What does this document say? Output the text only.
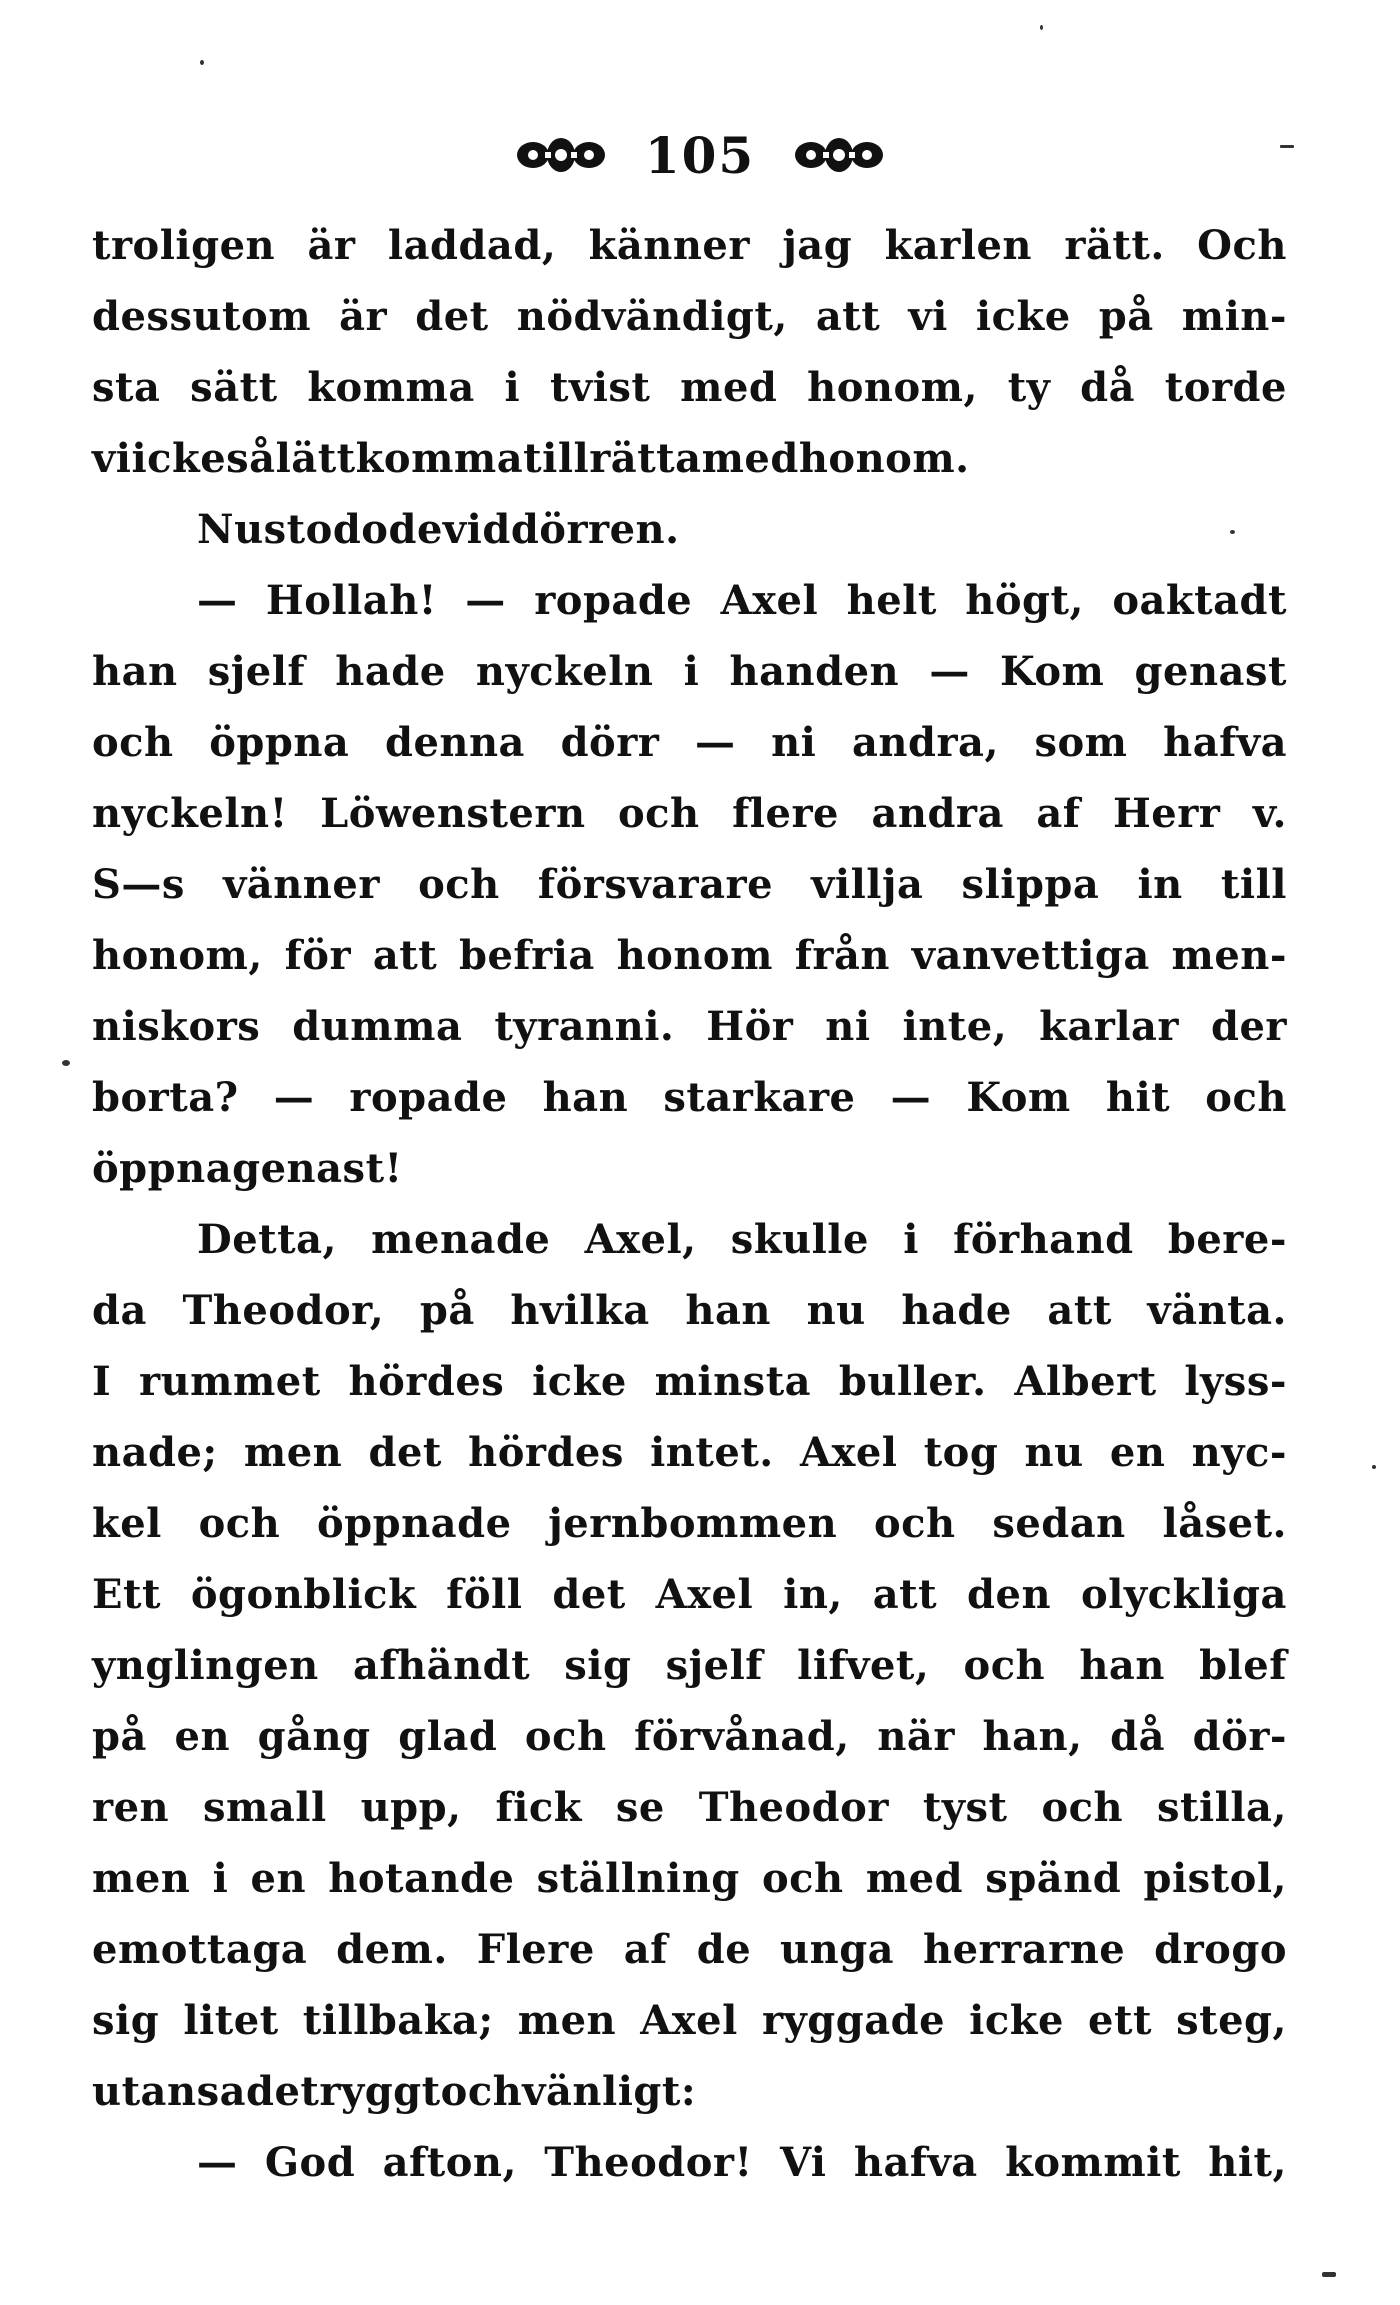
105
troligen är laddad, känner jag karlen rätt. Och
dessutom är det nödvändigt, att vi icke på min-
sta sätt komma i tvist med honom, ty då torde
vi icke så lätt komma till rätta med honom.
Nu stodo de vid dörren.
— Hollah! — ropade Axel helt högt, oaktadt
han sjelf hade nyckeln i handen — Kom genast
och öppna denna dörr — ni andra, som hafva
nyckeln! Löwenstern och flere andra af Herr v.
S—s vänner och försvarare villja slippa in till
honom, för att befria honom från vanvettiga men-
niskors dumma tyranni. Hör ni inte, karlar der
borta? — ropade han starkare — Kom hit och
öppna genast!
Detta, menade Axel, skulle i förhand bere-
da Theodor, på hvilka han nu hade att vänta.
I rummet hördes icke minsta buller. Albert lyss-
nade; men det hördes intet. Axel tog nu en nyc-
kel och öppnade jernbommen och sedan låset.
Ett ögonblick föll det Axel in, att den olyckliga
ynglingen afhändt sig sjelf lifvet, och han blef
på en gång glad och förvånad, när han, då dör-
ren small upp, fick se Theodor tyst och stilla,
men i en hotande ställning och med spänd pistol,
emottaga dem. Flere af de unga herrarne drogo
sig litet tillbaka; men Axel ryggade icke ett steg,
utan sade tryggt och vänligt:
— God afton, Theodor! Vi hafva kommit hit,
